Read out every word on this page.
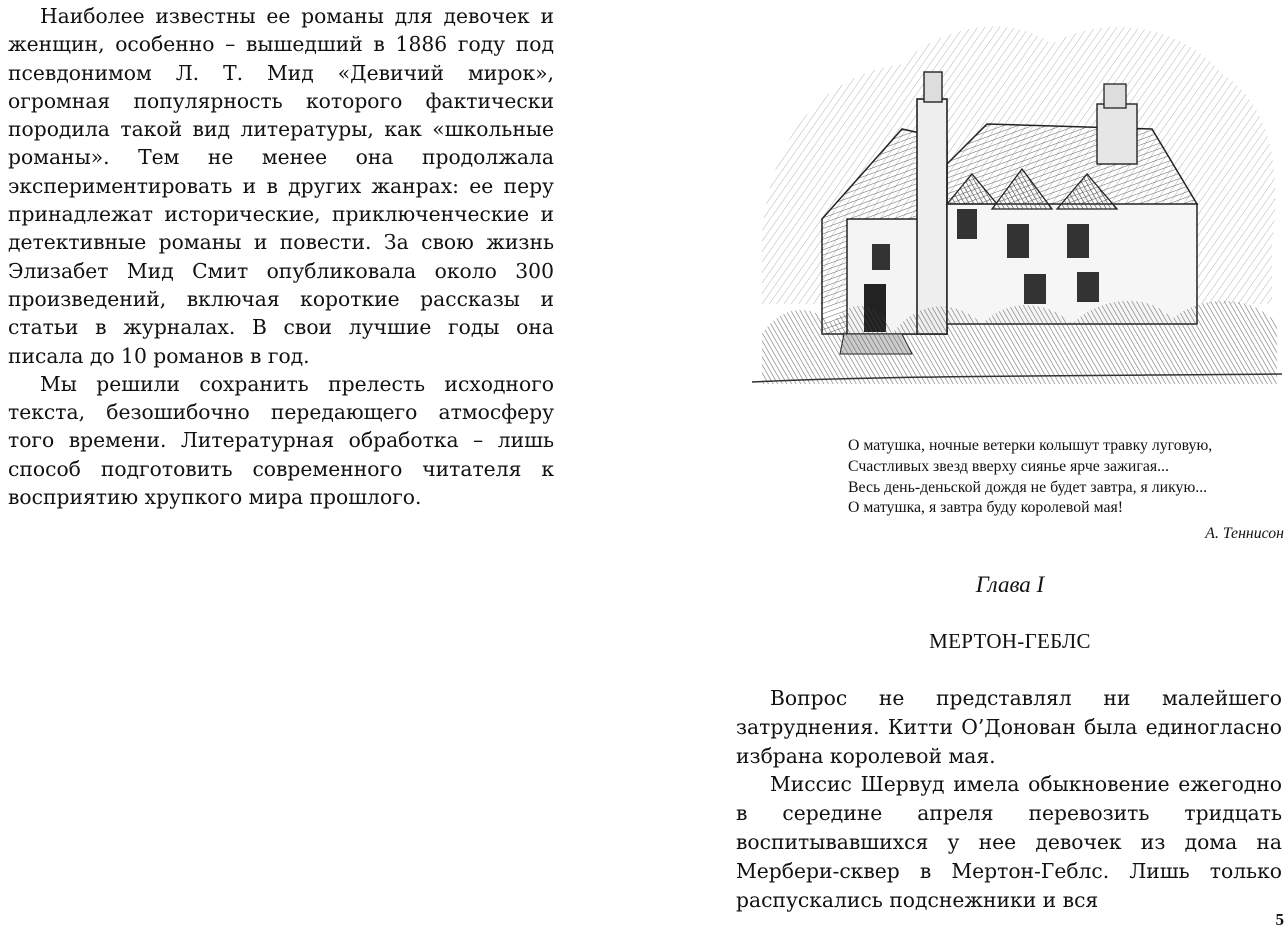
Наиболее известны ее романы для девочек и женщин, особенно – вышедший в 1886 году под псевдонимом Л. Т. Мид «Девичий мирок», огромная популярность которого фактически породила такой вид литературы, как «школьные романы». Тем не менее она продолжала экспериментировать и в других жанрах: ее перу принадлежат исторические, приключенческие и детективные романы и повести. За свою жизнь Элизабет Мид Смит опубликовала около 300 произведений, включая короткие рассказы и статьи в журналах. В свои лучшие годы она писала до 10 романов в год.

Мы решили сохранить прелесть исходного текста, безошибочно передающего атмосферу того времени. Литературная обработка – лишь способ подготовить современного читателя к восприятию хрупкого мира прошлого.

О матушка, ночные ветерки колышут травку луговую,
Счастливых звезд вверху сиянье ярче зажигая...
Весь день-деньской дождя не будет завтра, я ликую...
О матушка, я завтра буду королевой мая!
А. Теннисон
Глава I
МЕРТОН-ГЕБЛС

Вопрос не представлял ни малейшего затруднения. Китти О’Донован была единогласно избрана королевой мая.

Миссис Шервуд имела обыкновение ежегодно в середине апреля перевозить тридцать воспитывавшихся у нее девочек из дома на Мербери-сквер в Мертон-Геблс. Лишь только распускались подснежники и вся

5
